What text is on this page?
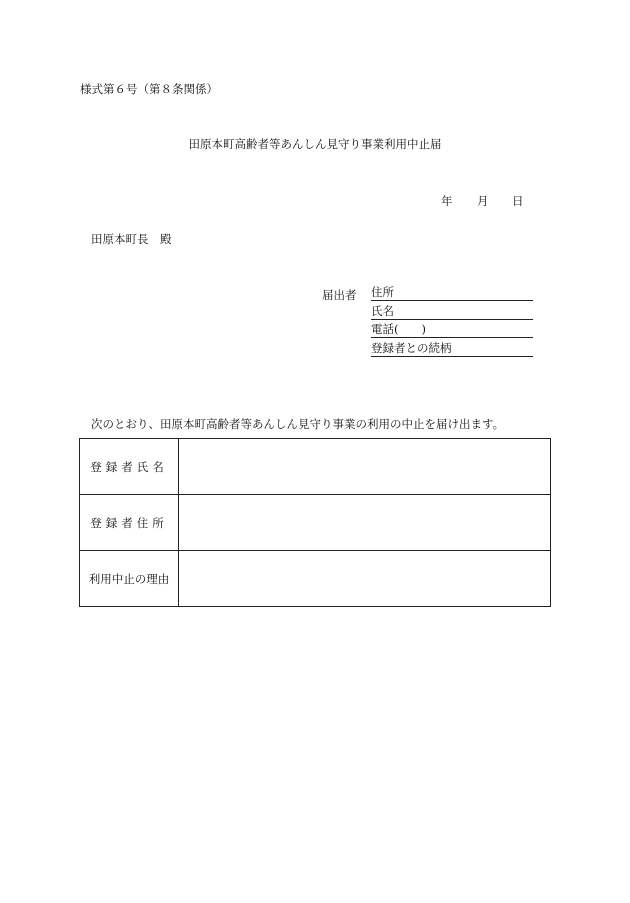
様式第６号（第８条関係）
田原本町高齢者等あんしん見守り事業利用中止届
年 月 日
田原本町長　殿
届出者 住所
氏名
電話(　　)
登録者との続柄
次のとおり、田原本町高齢者等あんしん見守り事業の利用の中止を届け出ます。
登録者氏名	
登録者住所	
利用中止の理由	
